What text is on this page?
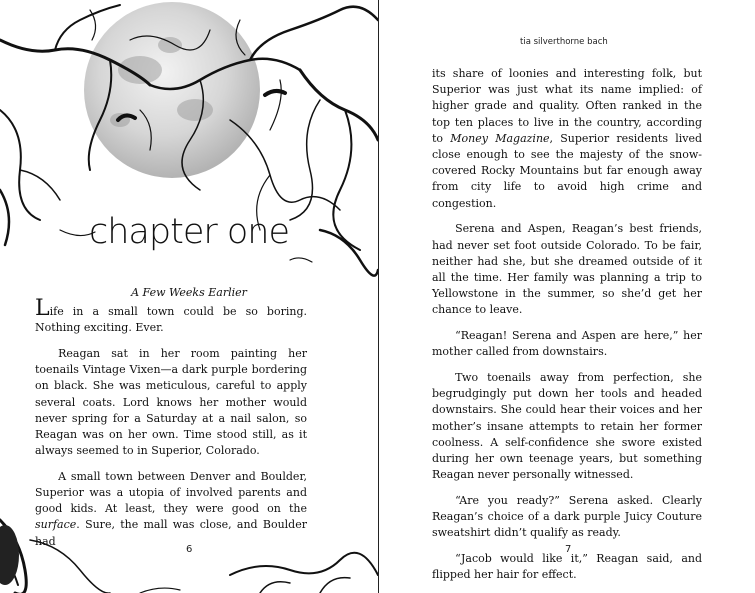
chapter one
A Few Weeks Earlier

Life in a small town could be so boring. Nothing exciting. Ever.

Reagan sat in her room painting her toenails Vintage Vixen—a dark purple bordering on black. She was meticulous, careful to apply several coats. Lord knows her mother would never spring for a Saturday at a nail salon, so Reagan was on her own. Time stood still, as it always seemed to in Superior, Colorado.

A small town between Denver and Boulder, Superior was a utopia of involved parents and good kids. At least, they were good on the surface. Sure, the mall was close, and Boulder had

6	7
tia silverthorne bach

its share of loonies and interesting folk, but Superior was just what its name implied: of higher grade and quality. Often ranked in the top ten places to live in the country, according to Money Magazine, Superior residents lived close enough to see the majesty of the snow-covered Rocky Mountains but far enough away from city life to avoid high crime and congestion.

Serena and Aspen, Reagan’s best friends, had never set foot outside Colorado. To be fair, neither had she, but she dreamed outside of it all the time. Her family was planning a trip to Yellowstone in the summer, so she’d get her chance to leave.

“Reagan! Serena and Aspen are here,” her mother called from downstairs.

Two toenails away from perfection, she begrudgingly put down her tools and headed downstairs. She could hear their voices and her mother’s insane attempts to retain her former coolness. A self-confidence she swore existed during her own teenage years, but something Reagan never personally witnessed.

“Are you ready?” Serena asked. Clearly Reagan’s choice of a dark purple Juicy Couture sweatshirt didn’t qualify as ready.

“Jacob would like it,” Reagan said, and flipped her hair for effect.
